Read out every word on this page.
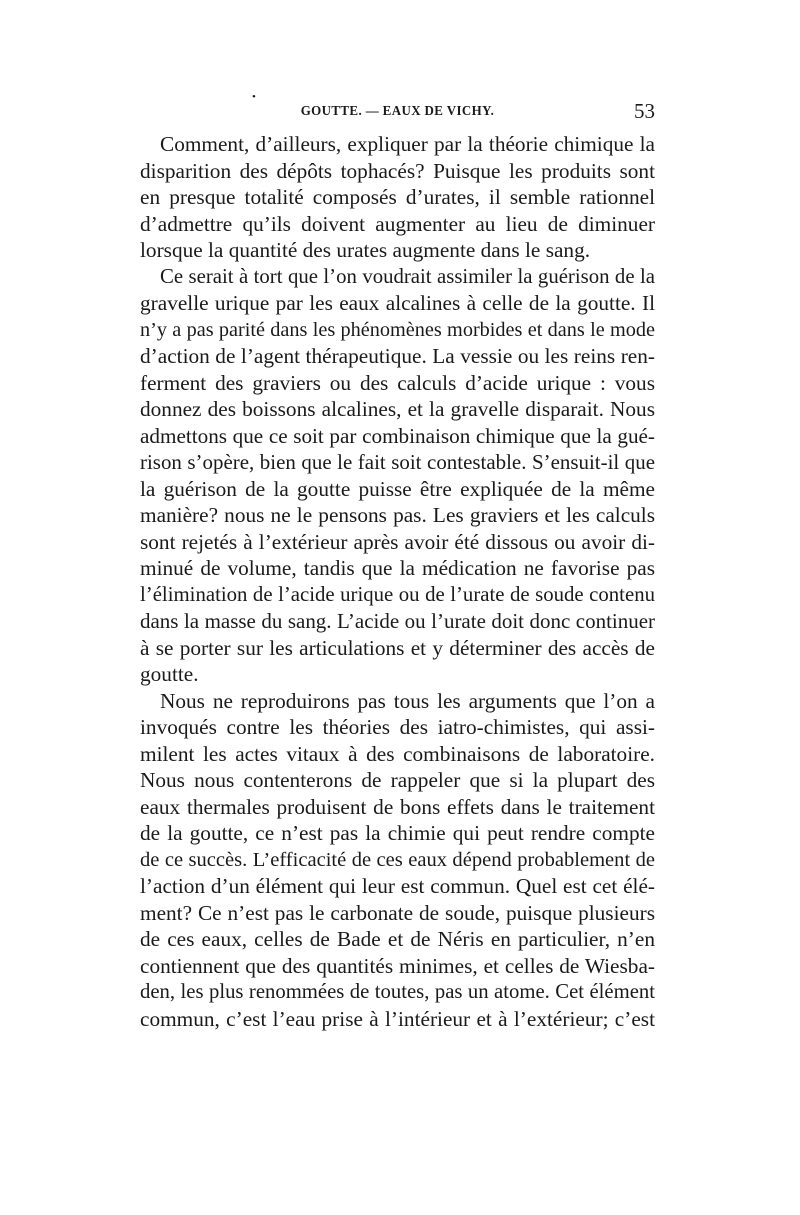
•
GOUTTE. — EAUX DE VICHY.	53
Comment, d’ailleurs, expliquer par la théorie chimique la
disparition des dépôts tophacés? Puisque les produits sont
en presque totalité composés d’urates, il semble rationnel
d’admettre qu’ils doivent augmenter au lieu de diminuer
lorsque la quantité des urates augmente dans le sang.
Ce serait à tort que l’on voudrait assimiler la guérison de la
gravelle urique par les eaux alcalines à celle de la goutte. Il
n’y a pas parité dans les phénomènes morbides et dans le mode
d’action de l’agent thérapeutique. La vessie ou les reins ren-
ferment des graviers ou des calculs d’acide urique : vous
donnez des boissons alcalines, et la gravelle disparait. Nous
admettons que ce soit par combinaison chimique que la gué-
rison s’opère, bien que le fait soit contestable. S’ensuit-il que
la guérison de la goutte puisse être expliquée de la même
manière? nous ne le pensons pas. Les graviers et les calculs
sont rejetés à l’extérieur après avoir été dissous ou avoir di-
minué de volume, tandis que la médication ne favorise pas
l’élimination de l’acide urique ou de l’urate de soude contenu
dans la masse du sang. L’acide ou l’urate doit donc continuer
à se porter sur les articulations et y déterminer des accès de
goutte.
Nous ne reproduirons pas tous les arguments que l’on a
invoqués contre les théories des iatro-chimistes, qui assi-
milent les actes vitaux à des combinaisons de laboratoire.
Nous nous contenterons de rappeler que si la plupart des
eaux thermales produisent de bons effets dans le traitement
de la goutte, ce n’est pas la chimie qui peut rendre compte
de ce succès. L’efficacité de ces eaux dépend probablement de
l’action d’un élément qui leur est commun. Quel est cet élé-
ment? Ce n’est pas le carbonate de soude, puisque plusieurs
de ces eaux, celles de Bade et de Néris en particulier, n’en
contiennent que des quantités minimes, et celles de Wiesba-
den, les plus renommées de toutes, pas un atome. Cet élément
commun, c’est l’eau prise à l’intérieur et à l’extérieur; c’est
